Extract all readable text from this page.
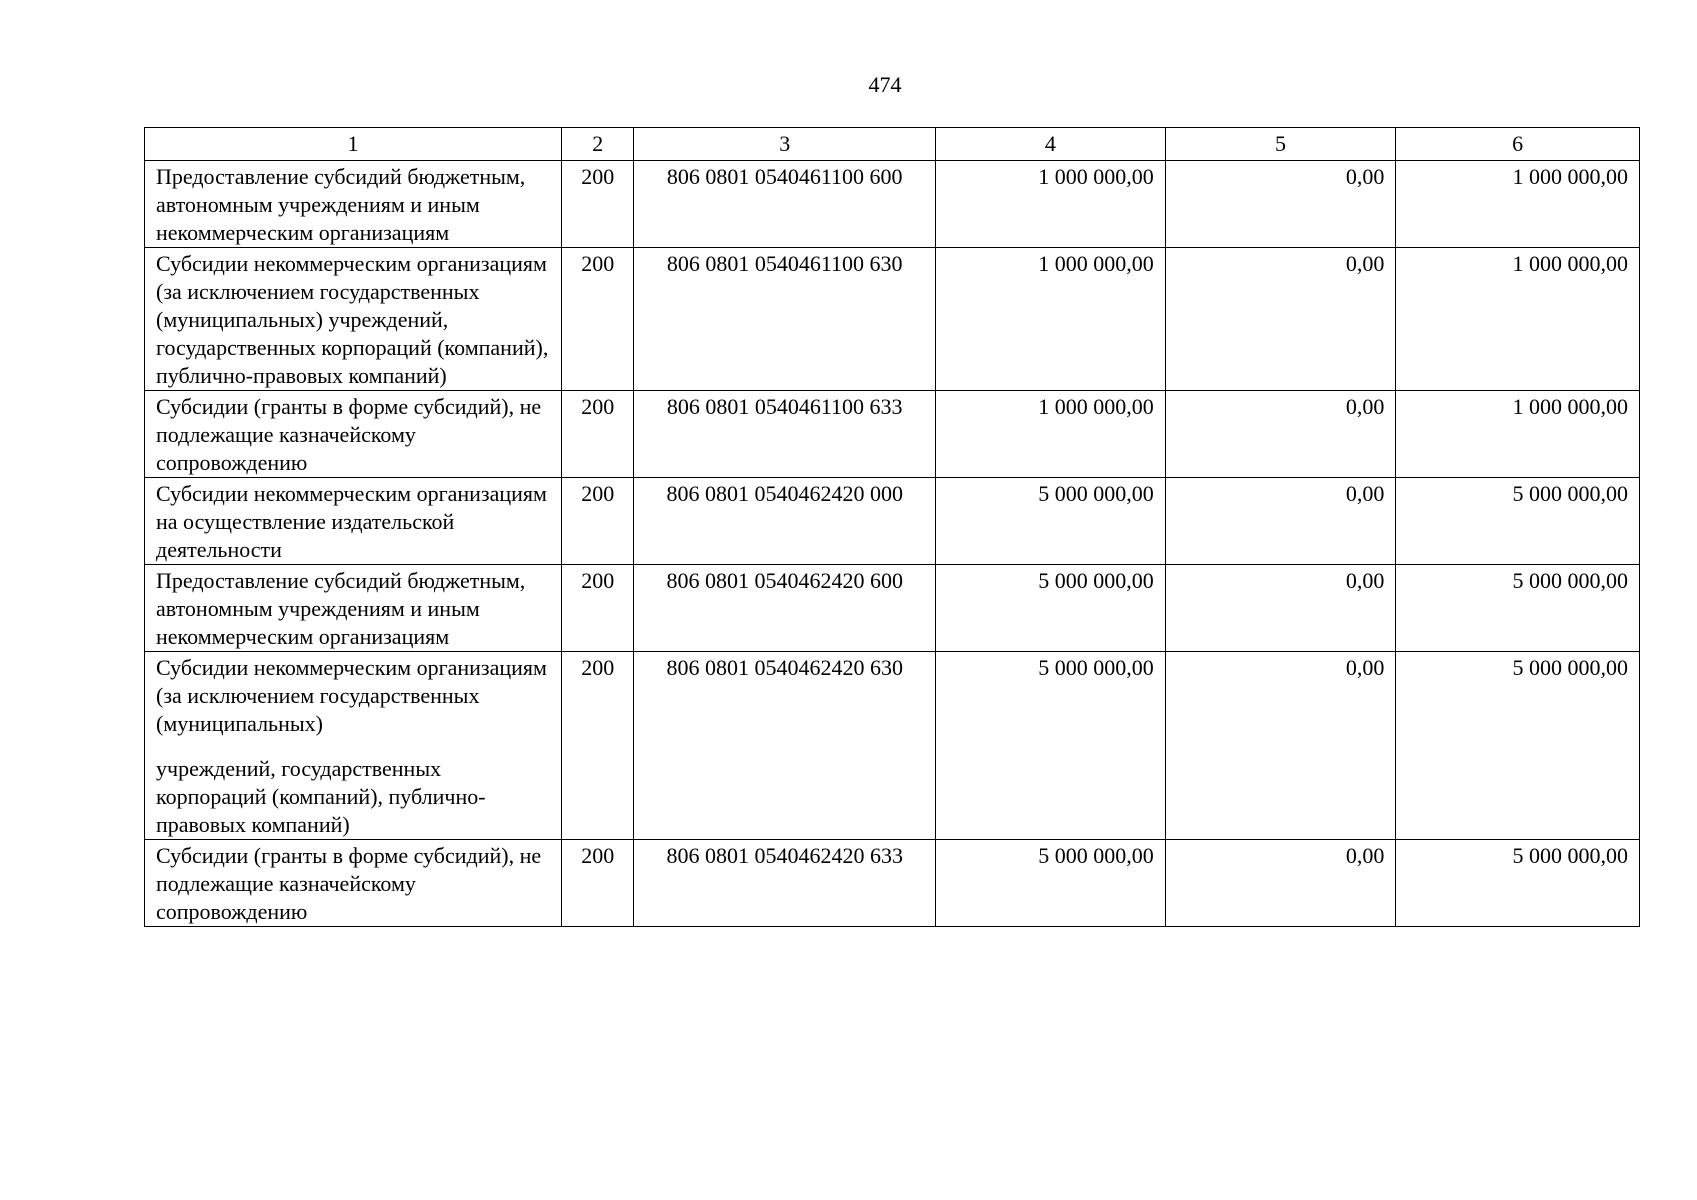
474
1	2	3	4	5	6
Предоставление субсидий бюджетным, автономным учреждениям и иным некоммерческим организациям	200	806 0801 0540461100 600	1 000 000,00	0,00	1 000 000,00
Субсидии некоммерческим организациям (за исключением государственных (муниципальных) учреждений, государственных корпораций (компаний), публично-правовых компаний)	200	806 0801 0540461100 630	1 000 000,00	0,00	1 000 000,00
Субсидии (гранты в форме субсидий), не подлежащие казначейскому сопровождению	200	806 0801 0540461100 633	1 000 000,00	0,00	1 000 000,00
Субсидии некоммерческим организациям на осуществление издательской деятельности	200	806 0801 0540462420 000	5 000 000,00	0,00	5 000 000,00
Предоставление субсидий бюджетным, автономным учреждениям и иным некоммерческим организациям	200	806 0801 0540462420 600	5 000 000,00	0,00	5 000 000,00
Субсидии некоммерческим организациям (за исключением государственных (муниципальных)
учреждений, государственных корпораций (компаний), публично-правовых компаний)	200	806 0801 0540462420 630	5 000 000,00	0,00	5 000 000,00
Субсидии (гранты в форме субсидий), не подлежащие казначейскому сопровождению	200	806 0801 0540462420 633	5 000 000,00	0,00	5 000 000,00
